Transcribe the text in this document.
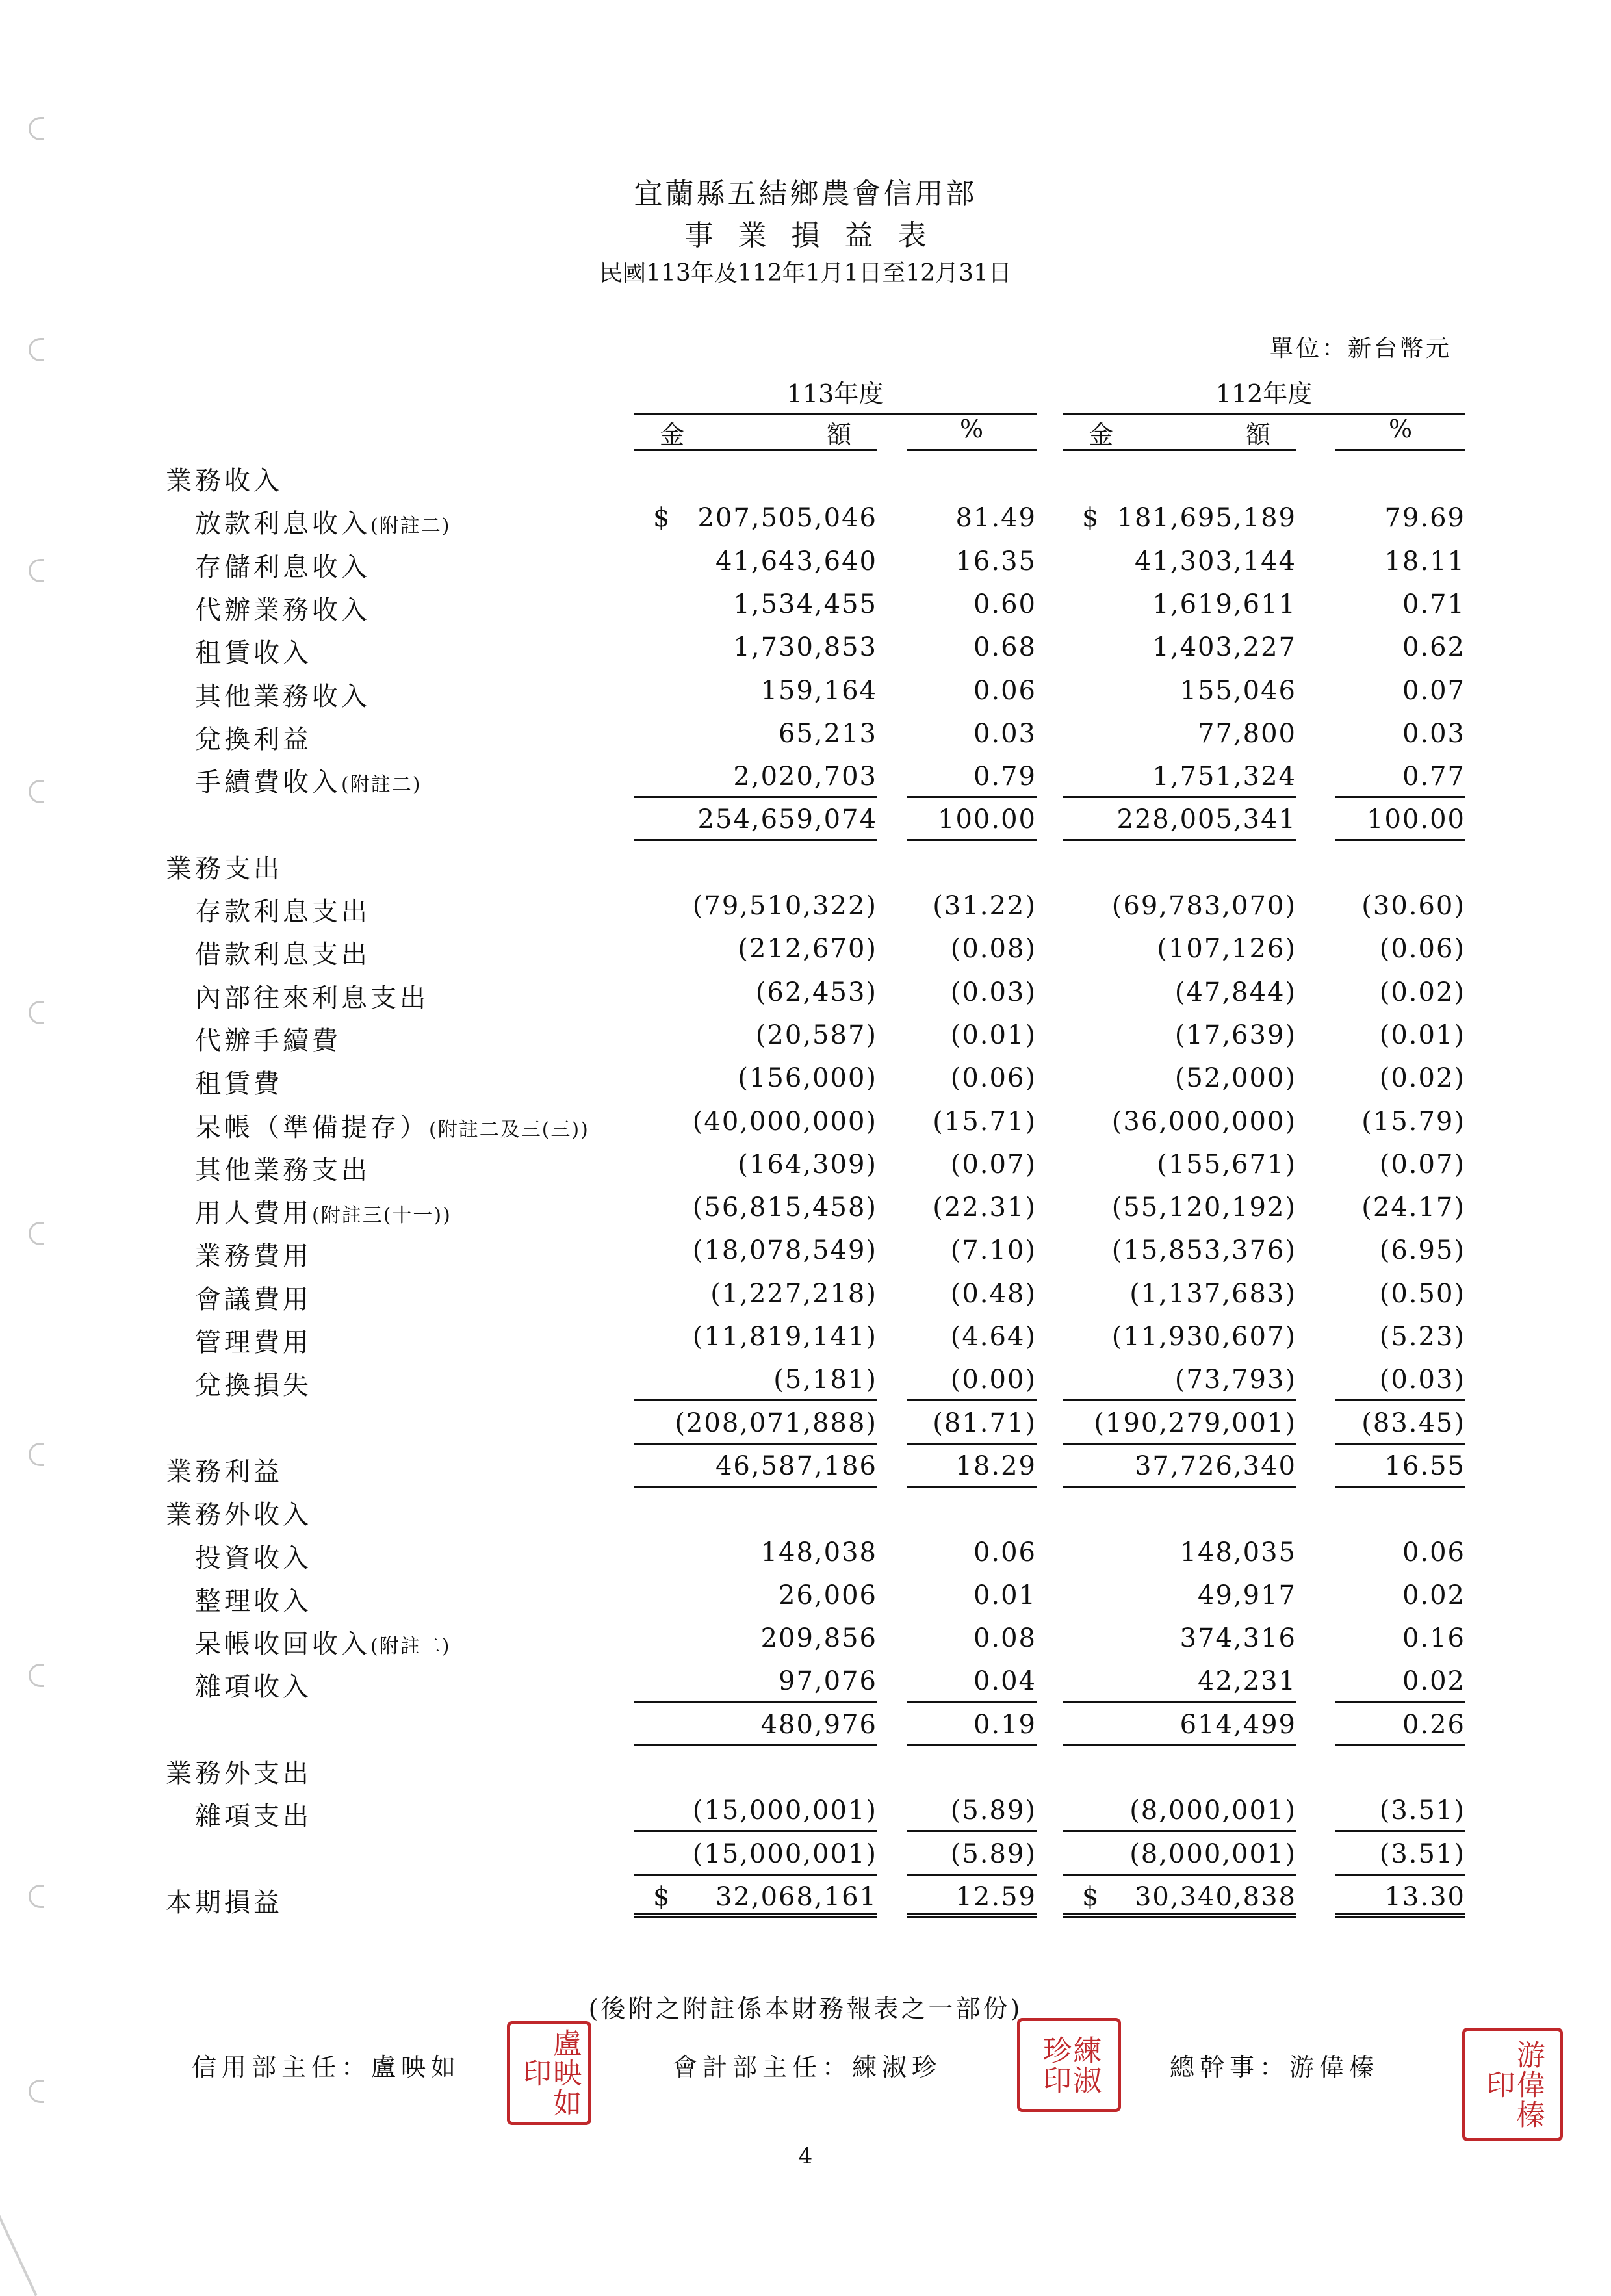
宜蘭縣五結鄉農會信用部
事業損益表
民國113年及112年1月1日至12月31日
單位：新台幣元
113年度	112年度
金	額	%	金	額	%
業務收入
放款利息收入(附註二)	$ 207,505,046	81.49 $ 181,695,189	79.69
存儲利息收入	41,643,640	16.35	41,303,144	18.11
代辦業務收入	1,534,455	0.60	1,619,611	0.71
租賃收入	1,730,853	0.68	1,403,227	0.62
其他業務收入	159,164	0.06	155,046	0.07
兌換利益	65,213	0.03	77,800	0.03
手續費收入(附註二)	2,020,703	0.79	1,751,324	0.77
254,659,074	100.00	228,005,341	100.00
業務支出
存款利息支出	(79,510,322)	(31.22)	(69,783,070)	(30.60)
借款利息支出	(212,670)	(0.08)	(107,126)	(0.06)
內部往來利息支出	(62,453)	(0.03)	(47,844)	(0.02)
代辦手續費	(20,587)	(0.01)	(17,639)	(0.01)
租賃費	(156,000)	(0.06)	(52,000)	(0.02)
呆帳（準備提存）(附註二及三(三))	(40,000,000)	(15.71)	(36,000,000)	(15.79)
其他業務支出	(164,309)	(0.07)	(155,671)	(0.07)
用人費用(附註三(十一))	(56,815,458)	(22.31)	(55,120,192)	(24.17)
業務費用	(18,078,549)	(7.10)	(15,853,376)	(6.95)
會議費用	(1,227,218)	(0.48)	(1,137,683)	(0.50)
管理費用	(11,819,141)	(4.64)	(11,930,607)	(5.23)
兌換損失	(5,181)	(0.00)	(73,793)	(0.03)
(208,071,888)	(81.71)	(190,279,001)	(83.45)
業務利益	46,587,186	18.29	37,726,340	16.55
業務外收入
投資收入	148,038	0.06	148,035	0.06
整理收入	26,006	0.01	49,917	0.02
呆帳收回收入(附註二)	209,856	0.08	374,316	0.16
雜項收入	97,076	0.04	42,231	0.02
480,976	0.19	614,499	0.26
業務外支出
雜項支出	(15,000,001)	(5.89)	(8,000,001)	(3.51)
(15,000,001)	(5.89)	(8,000,001)	(3.51)
本期損益	$ 32,068,161	12.59 $ 30,340,838	13.30
(後附之附註係本財務報表之一部份)
信用部主任：盧映如	盧映如印	會計部主任：練淑珍	練淑珍印	總幹事：游偉榛	游偉榛印
4
